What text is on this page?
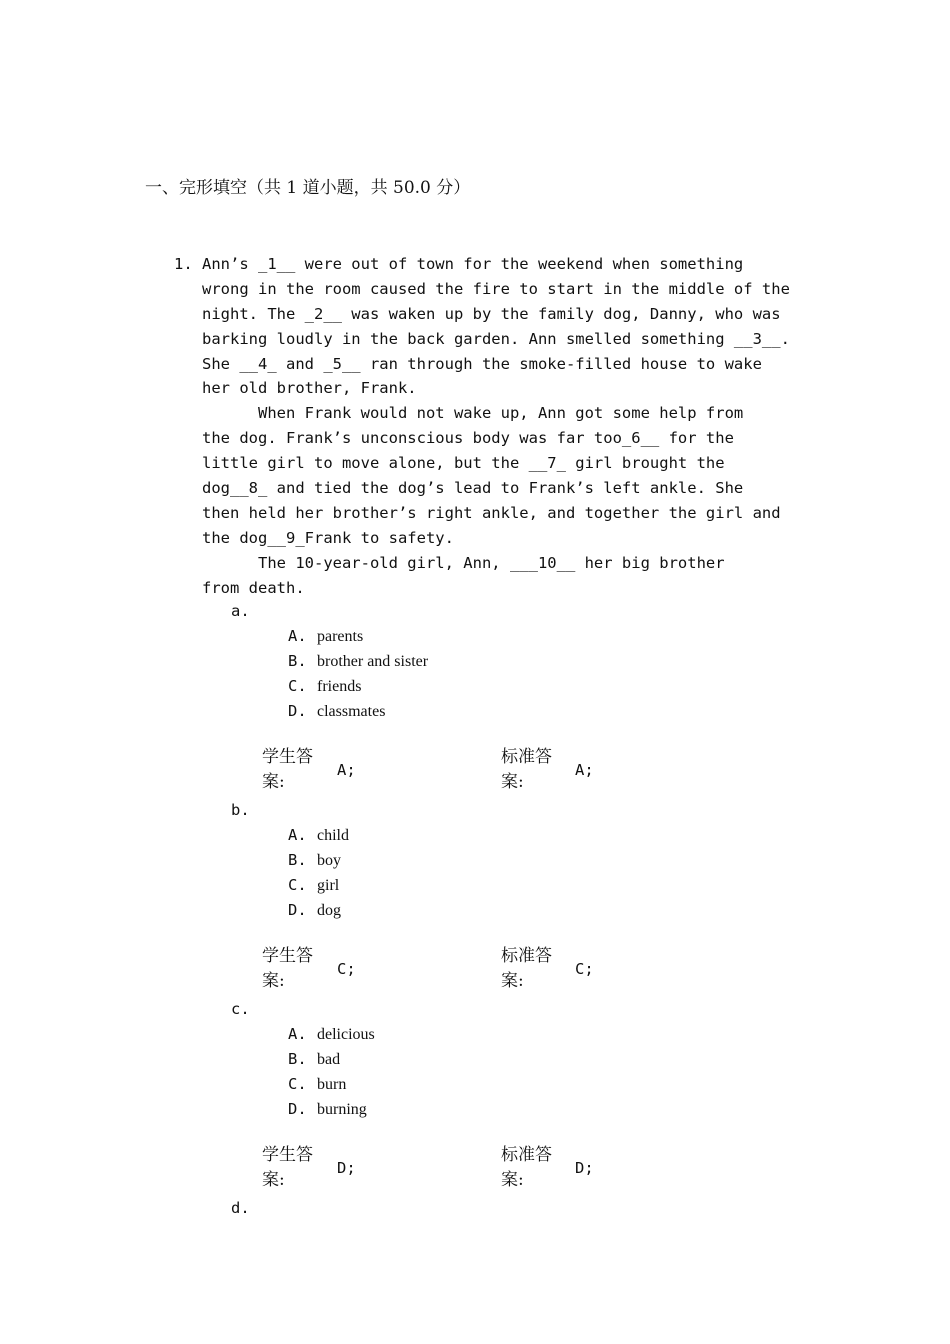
一、完形填空（共 1 道小题，共 50.0 分）
1. Ann’s _1__ were out of town for the weekend when something
wrong in the room caused the fire to start in the middle of the
night. The _2__ was waken up by the family dog, Danny, who was
barking loudly in the back garden. Ann smelled something __3__.
She __4_ and _5__ ran through the smoke-filled house to wake
her old brother, Frank.
When Frank would not wake up, Ann got some help from
the dog. Frank’s unconscious body was far too_6__ for the
little girl to move alone, but the __7_ girl brought the
dog__8_ and tied the dog’s lead to Frank’s left ankle. She
then held her brother’s right ankle, and together the girl and
the dog__9_Frank to safety.
The 10-year-old girl, Ann, ___10__ her big brother
from death.
a.
A. parents
B. brother and sister
C. friends
D. classmates
学生答案:
A;
标准答案:
A;
b.
A. child
B. boy
C. girl
D. dog
学生答案:
C;
标准答案:
C;
c.
A. delicious
B. bad
C. burn
D. burning
学生答案:
D;
标准答案:
D;
d.
